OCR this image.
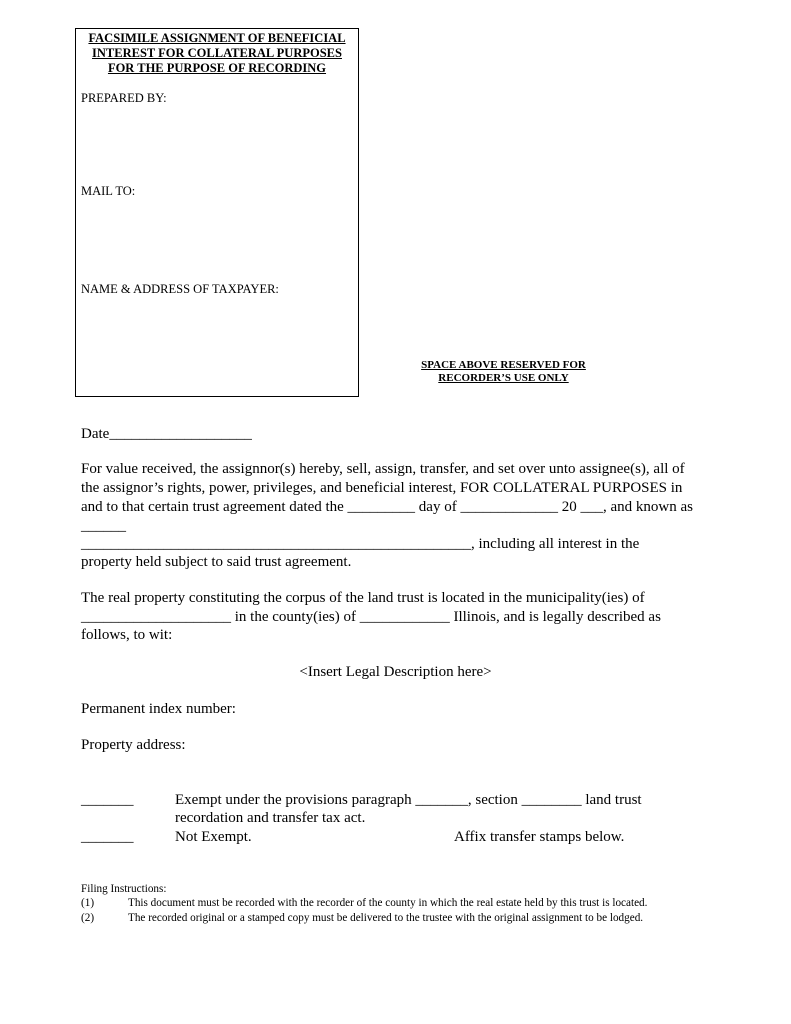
FACSIMILE ASSIGNMENT OF BENEFICIAL
INTEREST FOR COLLATERAL PURPOSES
FOR THE PURPOSE OF RECORDING
PREPARED BY:
MAIL TO:
NAME & ADDRESS OF TAXPAYER:
SPACE ABOVE RESERVED FOR
RECORDER’S USE ONLY
Date___________________
For value received, the assignnor(s) hereby, sell, assign, transfer, and set over unto assignee(s), all of
the assignor’s rights, power, privileges, and beneficial interest, FOR COLLATERAL PURPOSES in
and to that certain trust agreement dated the _________ day of _____________ 20 ___, and known as
______
____________________________________________________, including all interest in the
property held subject to said trust agreement.
The real property constituting the corpus of the land trust is located in the municipality(ies) of
____________________ in the county(ies) of ____________ Illinois, and is legally described as
follows, to wit:
<Insert Legal Description here>
Permanent index number:
Property address:
_______	Exempt under the provisions paragraph _______, section ________ land trust
recordation and transfer tax act.
_______	Not Exempt.	Affix transfer stamps below.
Filing Instructions:
(1)	This document must be recorded with the recorder of the county in which the real estate held by this trust is located.
(2)	The recorded original or a stamped copy must be delivered to the trustee with the original assignment to be lodged.
